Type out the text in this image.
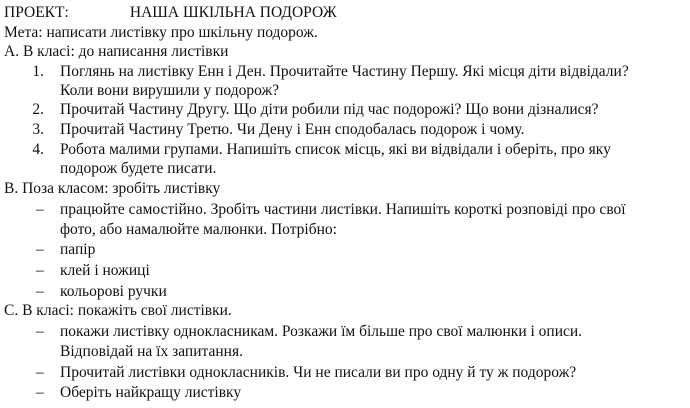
ПРОЕКТ:	НАША ШКІЛЬНА ПОДОРОЖ
Мета: написати листівку про шкільну подорож.
А. В класі: до написання листівки
1. Поглянь на листівку Енн і Ден. Прочитайте Частину Першу. Які місця діти відвідали?
Коли вони вирушили у подорож?
2. Прочитай Частину Другу. Що діти робили під час подорожі? Що вони дізналися?
3. Прочитай Частину Третю. Чи Дену і Енн сподобалась подорож і чому.
4. Робота малими групами. Напишіть список місць, які ви відвідали і оберіть, про яку
подорож будете писати.
В. Поза класом: зробіть листівку
–	працюйте самостійно. Зробіть частини листівки. Напишіть короткі розповіді про свої
фото, або намалюйте малюнки. Потрібно:
–	папір
–	клей і ножиці
–	кольорові ручки
С. В класі: покажіть свої листівки.
–	покажи листівку однокласникам. Розкажи їм більше про свої малюнки і описи.
Відповідай на їх запитання.
–	Прочитай листівки однокласників. Чи не писали ви про одну й ту ж подорож?
–	Оберіть найкращу листівку
